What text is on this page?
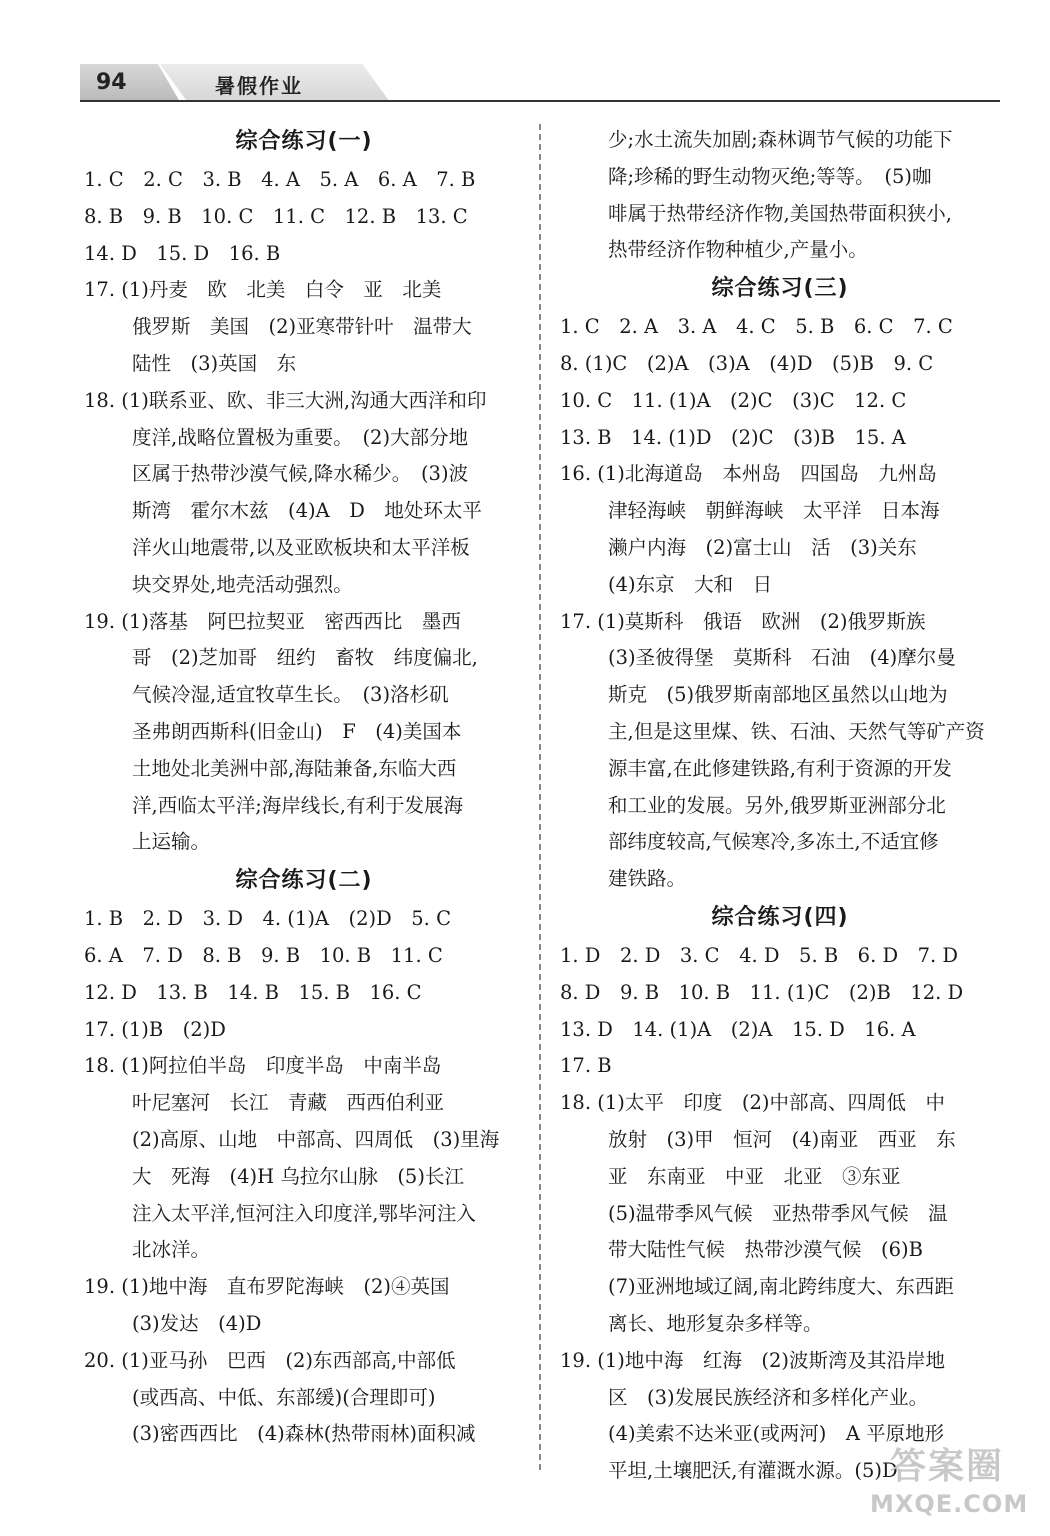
94	暑假作业
综合练习(一)
1. C　2. C　3. B　4. A　5. A　6. A　7. B
8. B　9. B　10. C　11. C　12. B　13. C
14. D　15. D　16. B
17. (1)丹麦　欧　北美　白令　亚　北美
俄罗斯　美国　(2)亚寒带针叶　温带大
陆性　(3)英国　东
18. (1)联系亚、欧、非三大洲,沟通大西洋和印
度洋,战略位置极为重要。　(2)大部分地
区属于热带沙漠气候,降水稀少。　(3)波
斯湾　霍尔木兹　(4)A　D　地处环太平
洋火山地震带,以及亚欧板块和太平洋板
块交界处,地壳活动强烈。
19. (1)落基　阿巴拉契亚　密西西比　墨西
哥　(2)芝加哥　纽约　畜牧　纬度偏北,
气候冷湿,适宜牧草生长。　(3)洛杉矶
圣弗朗西斯科(旧金山)　F　(4)美国本
土地处北美洲中部,海陆兼备,东临大西
洋,西临太平洋;海岸线长,有利于发展海
上运输。
综合练习(二)
1. B　2. D　3. D　4. (1)A　(2)D　5. C
6. A　7. D　8. B　9. B　10. B　11. C
12. D　13. B　14. B　15. B　16. C
17. (1)B　(2)D
18. (1)阿拉伯半岛　印度半岛　中南半岛
叶尼塞河　长江　青藏　西西伯利亚
(2)高原、山地　中部高、四周低　(3)里海
大　死海　(4)H 乌拉尔山脉　(5)长江
注入太平洋,恒河注入印度洋,鄂毕河注入
北冰洋。
19. (1)地中海　直布罗陀海峡　(2)④英国
(3)发达　(4)D
20. (1)亚马孙　巴西　(2)东西部高,中部低
(或西高、中低、东部缓)(合理即可)
(3)密西西比　(4)森林(热带雨林)面积减
少;水土流失加剧;森林调节气候的功能下
降;珍稀的野生动物灭绝;等等。　(5)咖
啡属于热带经济作物,美国热带面积狭小,
热带经济作物种植少,产量小。
综合练习(三)
1. C　2. A　3. A　4. C　5. B　6. C　7. C
8. (1)C　(2)A　(3)A　(4)D　(5)B　9. C
10. C　11. (1)A　(2)C　(3)C　12. C
13. B　14. (1)D　(2)C　(3)B　15. A
16. (1)北海道岛　本州岛　四国岛　九州岛
津轻海峡　朝鲜海峡　太平洋　日本海
濑户内海　(2)富士山　活　(3)关东
(4)东京　大和　日
17. (1)莫斯科　俄语　欧洲　(2)俄罗斯族
(3)圣彼得堡　莫斯科　石油　(4)摩尔曼
斯克　(5)俄罗斯南部地区虽然以山地为
主,但是这里煤、铁、石油、天然气等矿产资
源丰富,在此修建铁路,有利于资源的开发
和工业的发展。另外,俄罗斯亚洲部分北
部纬度较高,气候寒冷,多冻土,不适宜修
建铁路。
综合练习(四)
1. D　2. D　3. C　4. D　5. B　6. D　7. D
8. D　9. B　10. B　11. (1)C　(2)B　12. D
13. D　14. (1)A　(2)A　15. D　16. A
17. B
18. (1)太平　印度　(2)中部高、四周低　中
放射　(3)甲　恒河　(4)南亚　西亚　东
亚　东南亚　中亚　北亚　③东亚
(5)温带季风气候　亚热带季风气候　温
带大陆性气候　热带沙漠气候　(6)B
(7)亚洲地域辽阔,南北跨纬度大、东西距
离长、地形复杂多样等。
19. (1)地中海　红海　(2)波斯湾及其沿岸地
区　(3)发展民族经济和多样化产业。
(4)美索不达米亚(或两河)　A 平原地形
平坦,土壤肥沃,有灌溉水源。(5)D
答案圈
MXQE.COM
